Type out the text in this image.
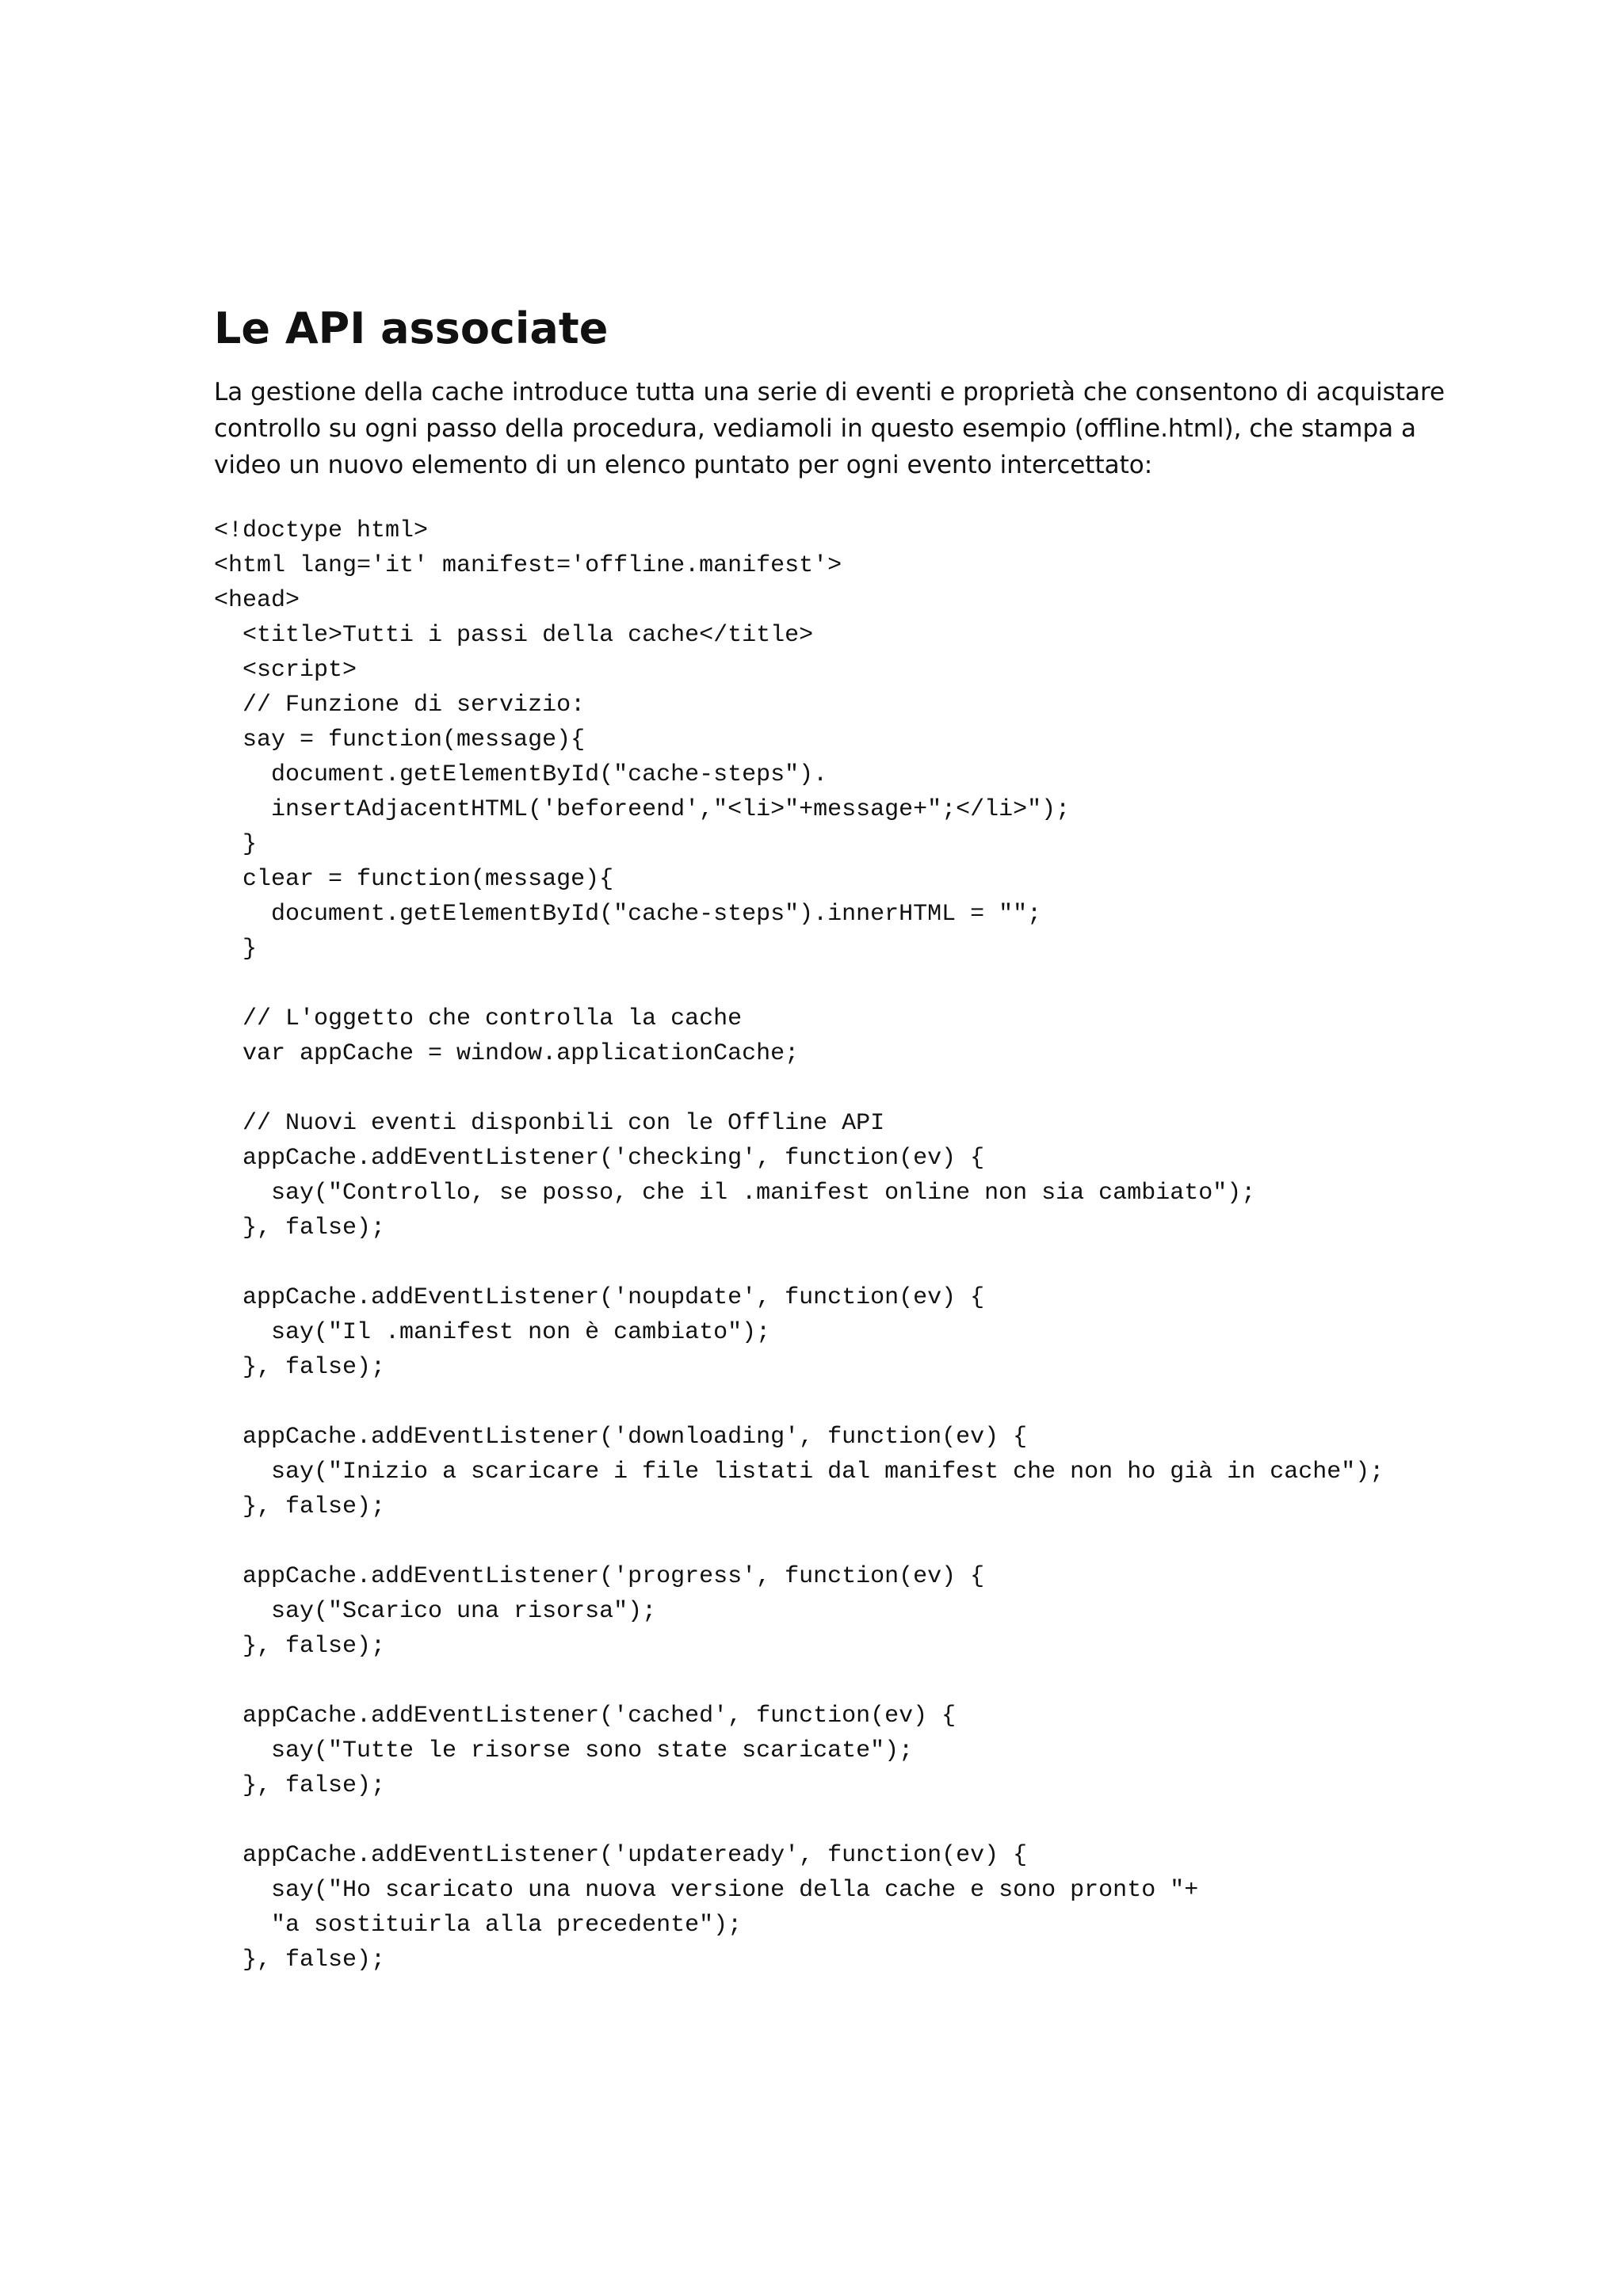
Le API associate

La gestione della cache introduce tutta una serie di eventi e proprietà che consentono di acquistare
controllo su ogni passo della procedura, vediamoli in questo esempio (offline.html), che stampa a
video un nuovo elemento di un elenco puntato per ogni evento intercettato:

<!doctype html>
<html lang='it' manifest='offline.manifest'>
<head>
<title>Tutti i passi della cache</title>
<script>
// Funzione di servizio:
say = function(message){
document.getElementById("cache-steps").
insertAdjacentHTML('beforeend',"<li>"+message+";</li>");
}
clear = function(message){
document.getElementById("cache-steps").innerHTML = "";
}
// L'oggetto che controlla la cache
var appCache = window.applicationCache;
// Nuovi eventi disponbili con le Offline API
appCache.addEventListener('checking', function(ev) {
say("Controllo, se posso, che il .manifest online non sia cambiato");
}, false);
appCache.addEventListener('noupdate', function(ev) {
say("Il .manifest non è cambiato");
}, false);
appCache.addEventListener('downloading', function(ev) {
say("Inizio a scaricare i file listati dal manifest che non ho già in cache");
}, false);
appCache.addEventListener('progress', function(ev) {
say("Scarico una risorsa");
}, false);
appCache.addEventListener('cached', function(ev) {
say("Tutte le risorse sono state scaricate");
}, false);
appCache.addEventListener('updateready', function(ev) {
say("Ho scaricato una nuova versione della cache e sono pronto "+
"a sostituirla alla precedente");
}, false);
